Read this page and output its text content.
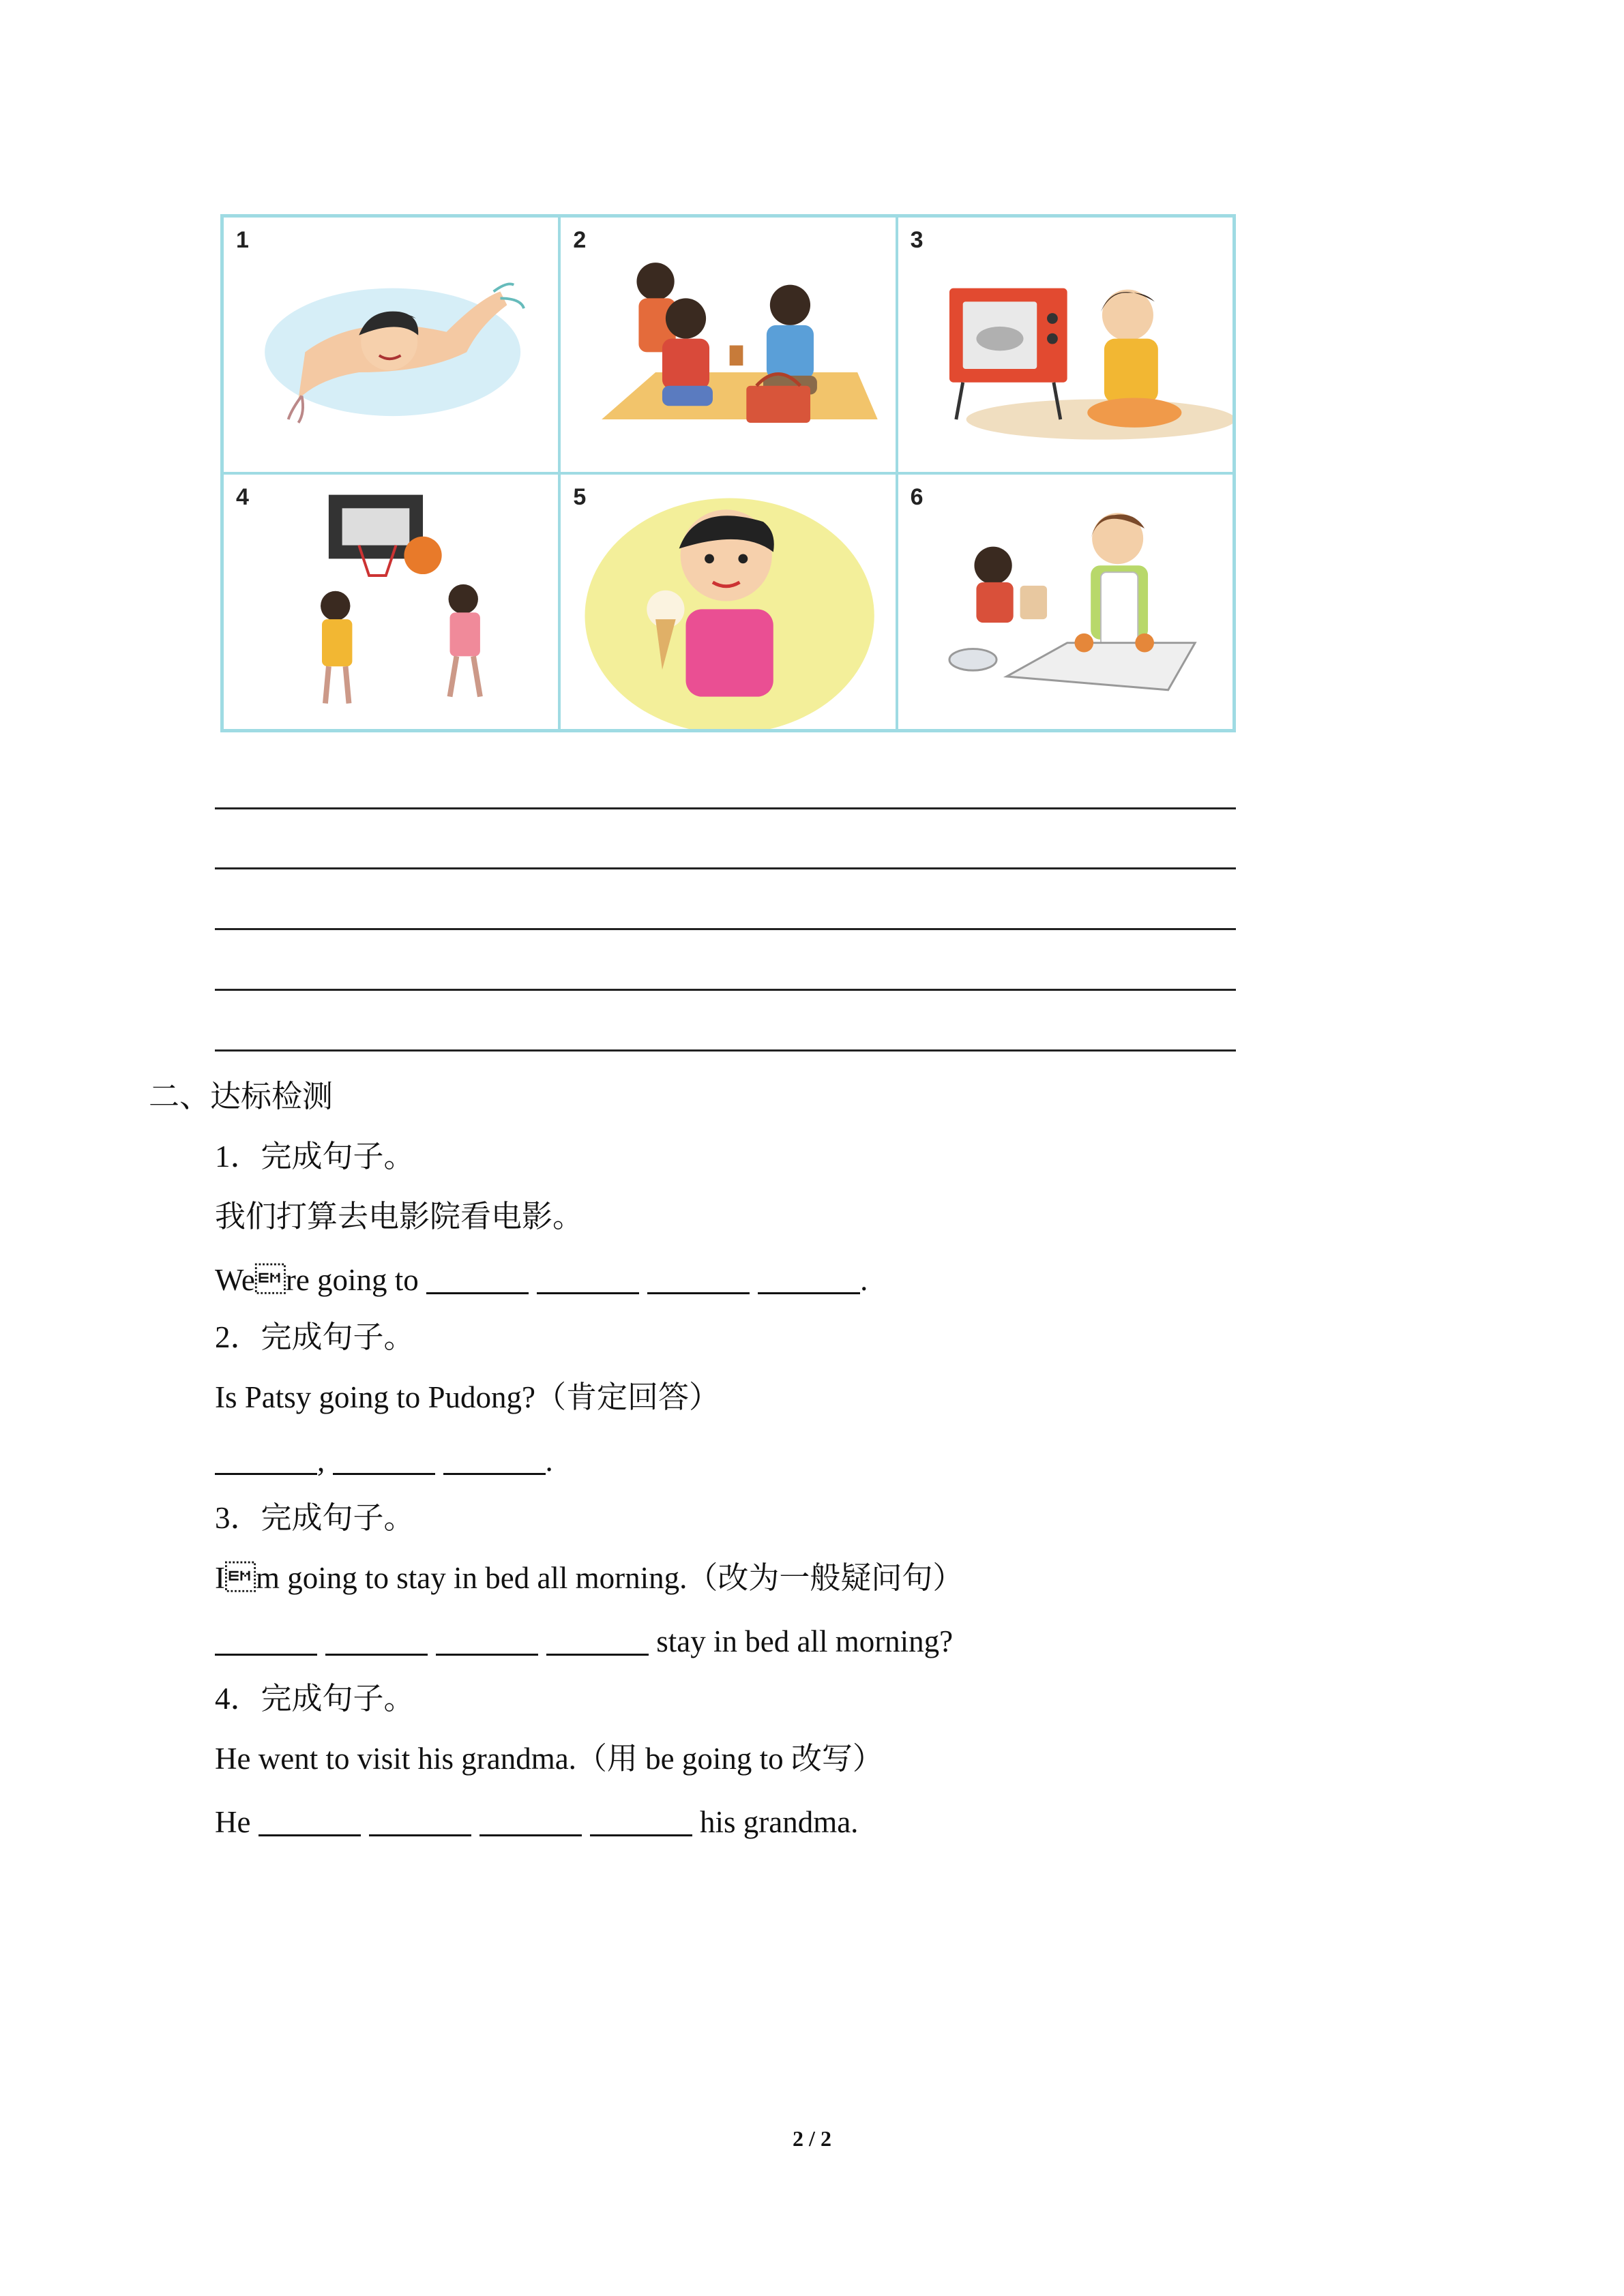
1	2	3
4	5	6
二、达标检测
1．完成句子。
我们打算去电影院看电影。
Were going to	.
2．完成句子。
Is Patsy going to Pudong?（肯定回答）
,	.
3．完成句子。
Im going to stay in bed all morning.（改为一般疑问句）
stay in bed all morning?
4．完成句子。
He went to visit his grandma.（用 be going to 改写）
He	his grandma.
2 / 2
